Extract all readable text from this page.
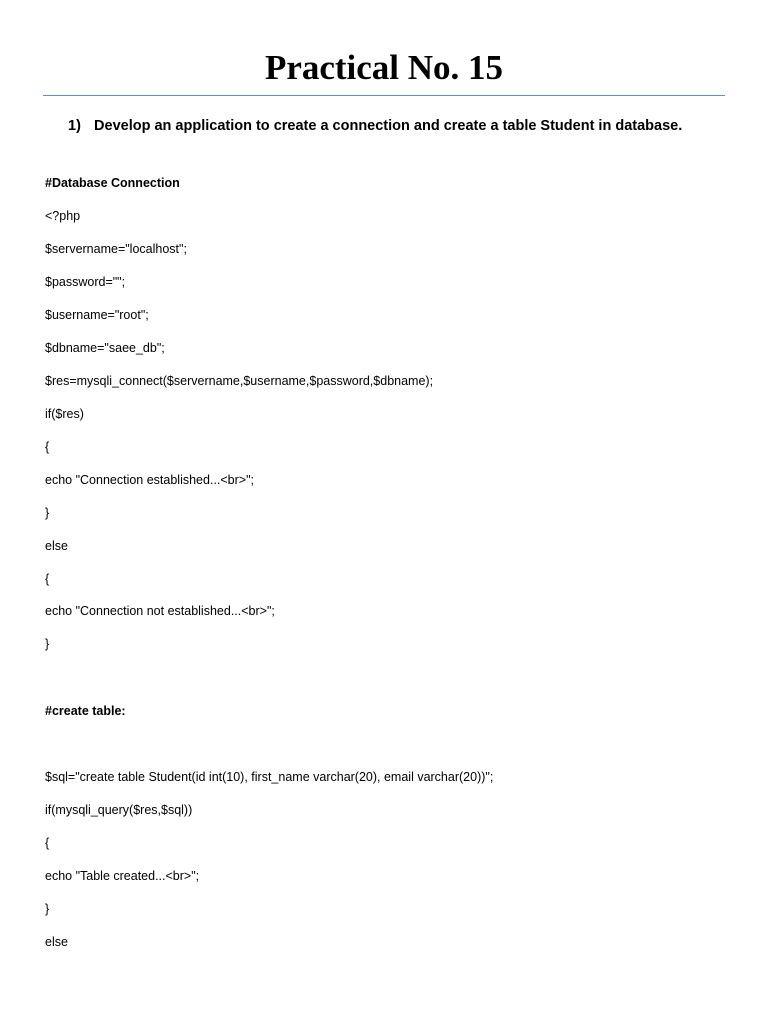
Practical No. 15
1) Develop an application to create a connection and create a table Student in database.
#Database Connection
<?php
$servername="localhost";
$password="";
$username="root";
$dbname="saee_db";
$res=mysqli_connect($servername,$username,$password,$dbname);
if($res)
{
echo "Connection established...<br>";
}
else
{
echo "Connection not established...<br>";
}
#create table:
$sql="create table Student(id int(10), first_name varchar(20), email varchar(20))";
if(mysqli_query($res,$sql))
{
echo "Table created...<br>";
}
else
